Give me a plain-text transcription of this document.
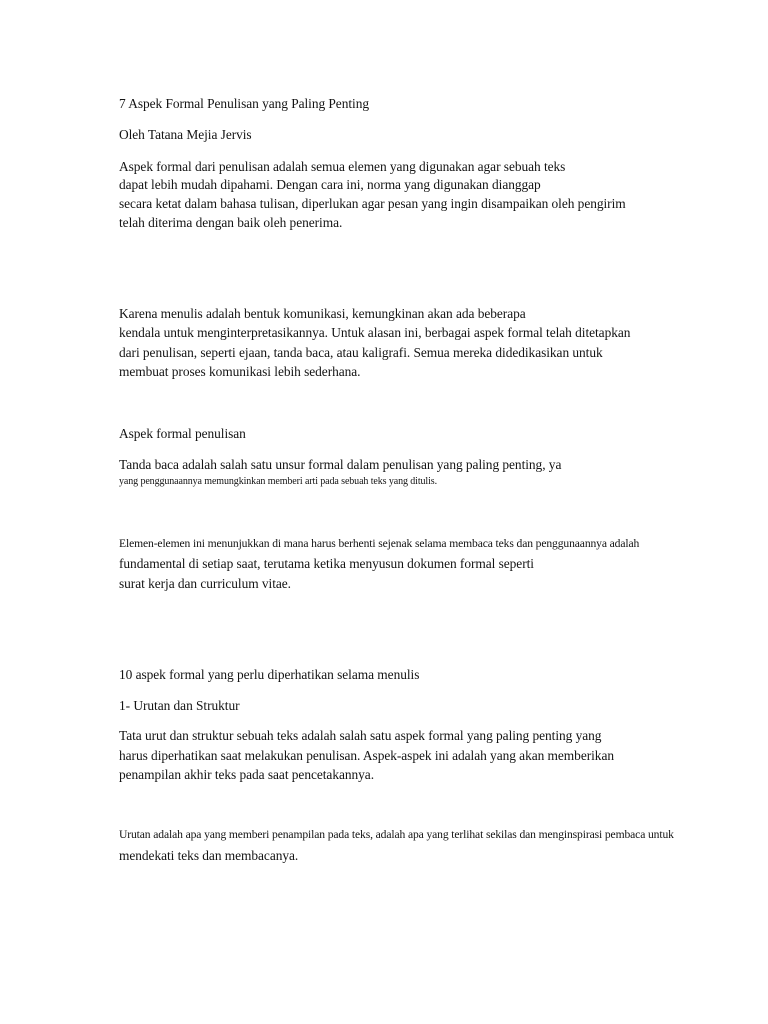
7 Aspek Formal Penulisan yang Paling Penting
Oleh Tatana Mejia Jervis
Aspek formal dari penulisan adalah semua elemen yang digunakan agar sebuah teks
dapat lebih mudah dipahami. Dengan cara ini, norma yang digunakan dianggap
secara ketat dalam bahasa tulisan, diperlukan agar pesan yang ingin disampaikan oleh pengirim
telah diterima dengan baik oleh penerima.
Karena menulis adalah bentuk komunikasi, kemungkinan akan ada beberapa
kendala untuk menginterpretasikannya. Untuk alasan ini, berbagai aspek formal telah ditetapkan
dari penulisan, seperti ejaan, tanda baca, atau kaligrafi. Semua mereka didedikasikan untuk
membuat proses komunikasi lebih sederhana.
Aspek formal penulisan
Tanda baca adalah salah satu unsur formal dalam penulisan yang paling penting, ya
yang penggunaannya memungkinkan memberi arti pada sebuah teks yang ditulis.
Elemen-elemen ini menunjukkan di mana harus berhenti sejenak selama membaca teks dan penggunaannya adalah
fundamental di setiap saat, terutama ketika menyusun dokumen formal seperti
surat kerja dan curriculum vitae.
10 aspek formal yang perlu diperhatikan selama menulis
1- Urutan dan Struktur
Tata urut dan struktur sebuah teks adalah salah satu aspek formal yang paling penting yang
harus diperhatikan saat melakukan penulisan. Aspek-aspek ini adalah yang akan memberikan
penampilan akhir teks pada saat pencetakannya.
Urutan adalah apa yang memberi penampilan pada teks, adalah apa yang terlihat sekilas dan menginspirasi pembaca untuk
mendekati teks dan membacanya.
